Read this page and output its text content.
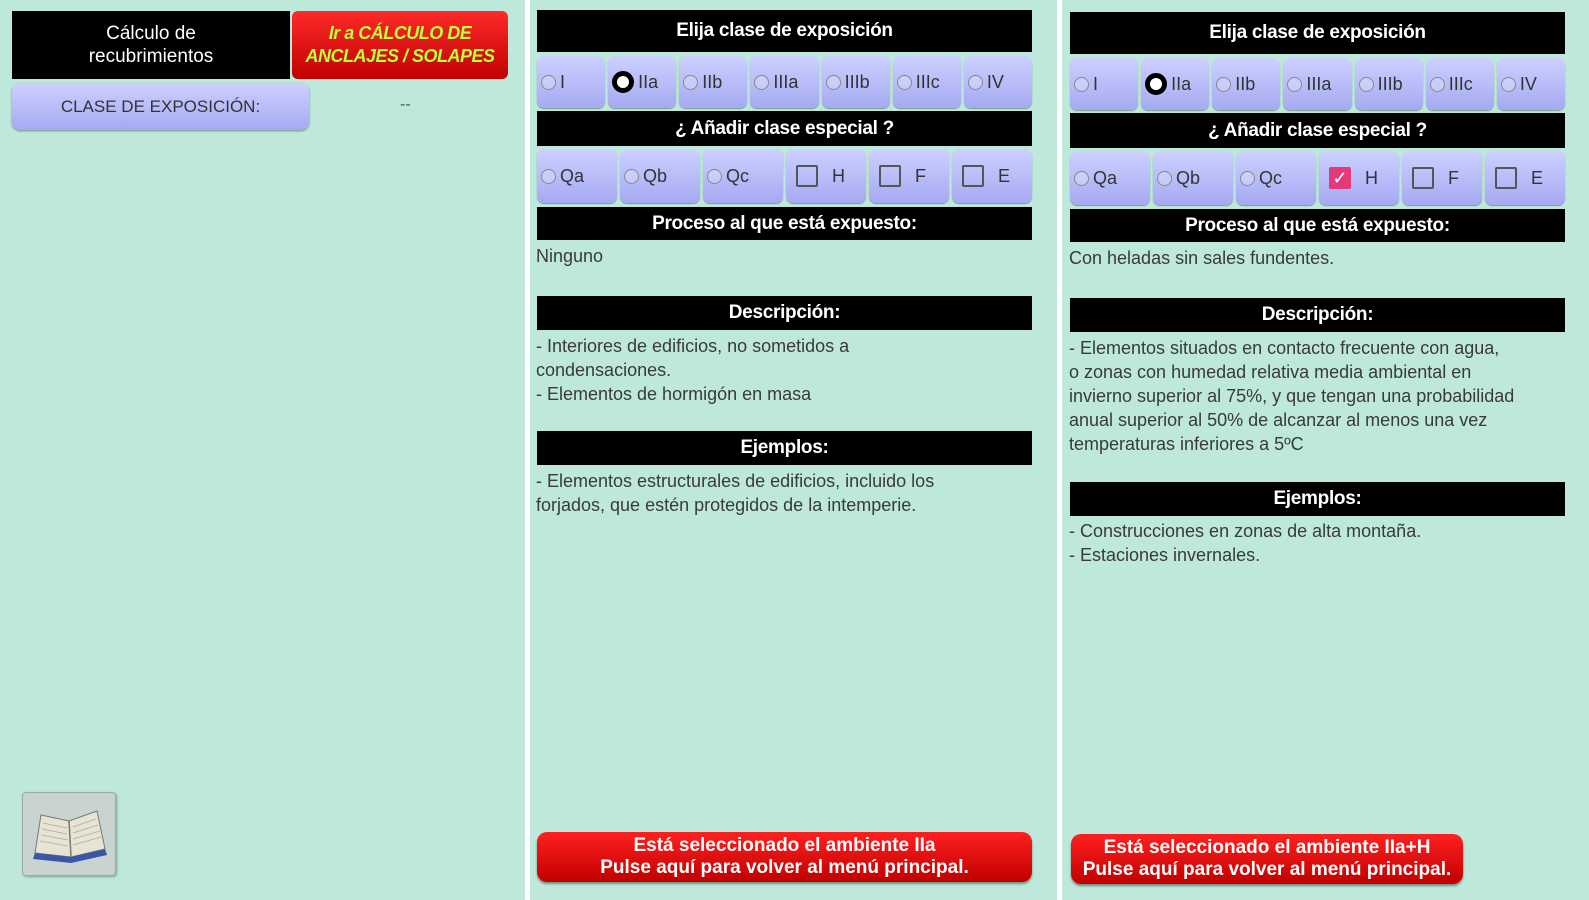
Cálculo de
recubrimientos
Ir a CÁLCULO DE
ANCLAJES / SOLAPES
CLASE DE EXPOSICIÓN:	--
Elija clase de exposición
I	IIa IIb	IIIa	IIIb	IIIc	IV
¿ Añadir clase especial ?
Qa	Qb	Qc	H	F	E
Proceso al que está expuesto:
Ninguno
Descripción:
- Interiores de edificios, no sometidos a
condensaciones.
- Elementos de hormigón en masa
Ejemplos:
- Elementos estructurales de edificios, incluido los
forjados, que estén protegidos de la intemperie.
Está seleccionado el ambiente IIa
Pulse aquí para volver al menú principal.
Elija clase de exposición
I	IIa IIb	IIIa	IIIb	IIIc	IV
¿ Añadir clase especial ?
Qa	Qb	Qc	✓ H	F	E
Proceso al que está expuesto:
Con heladas sin sales fundentes.
Descripción:
- Elementos situados en contacto frecuente con agua,
o zonas con humedad relativa media ambiental en
invierno superior al 75%, y que tengan una probabilidad
anual superior al 50% de alcanzar al menos una vez
temperaturas inferiores a 5ºC
Ejemplos:
- Construcciones en zonas de alta montaña.
- Estaciones invernales.
Está seleccionado el ambiente IIa+H
Pulse aquí para volver al menú principal.
